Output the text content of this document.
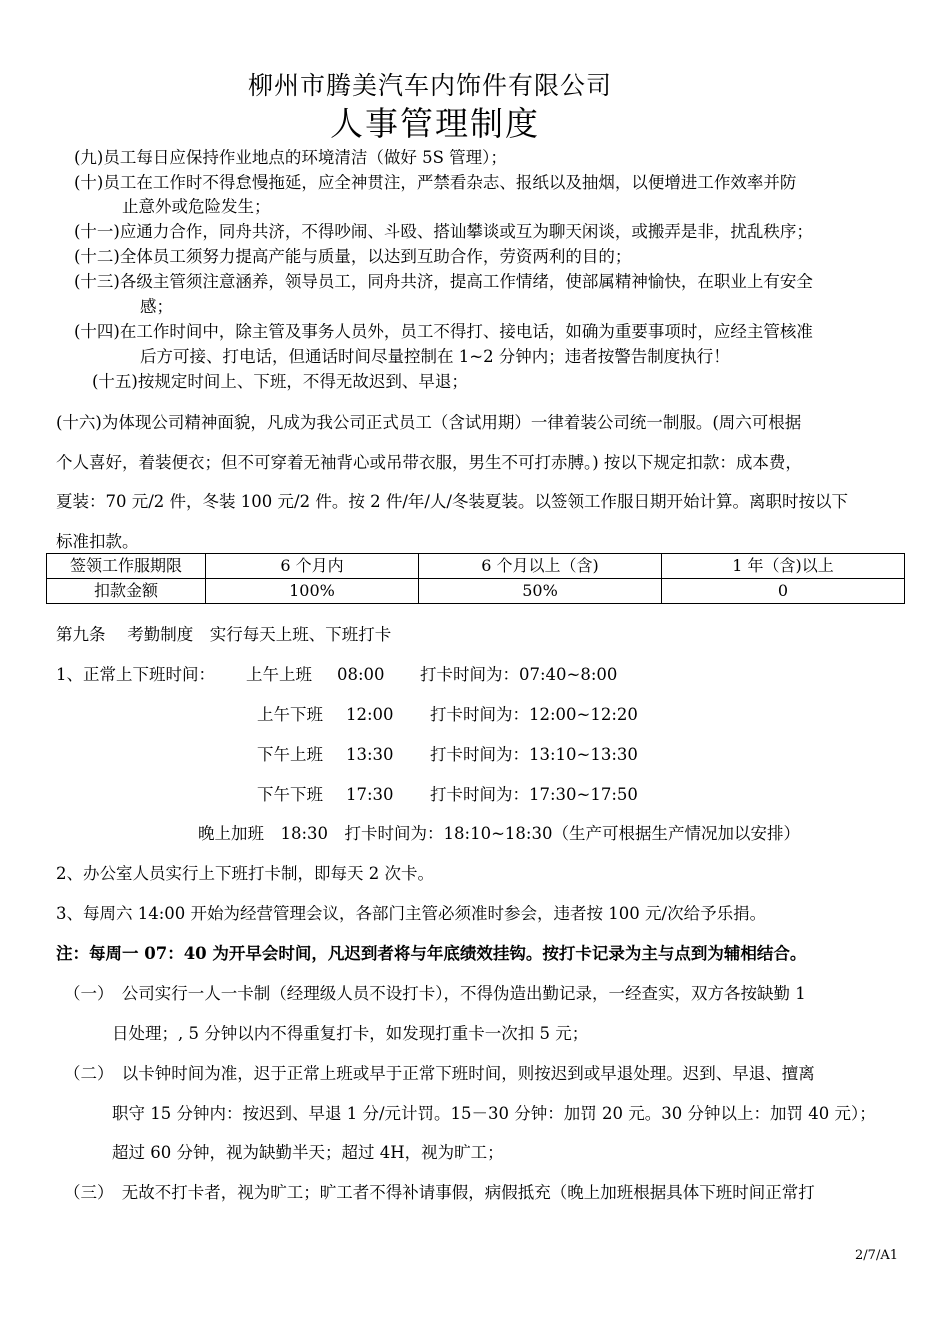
柳州市腾美汽车内饰件有限公司
人事管理制度
(九)员工每日应保持作业地点的环境清洁（做好 5S 管理）；
(十)员工在工作时不得怠慢拖延，应全神贯注，严禁看杂志、报纸以及抽烟，以便增进工作效率并防
止意外或危险发生；
(十一)应通力合作，同舟共济，不得吵闹、斗殴、搭讪攀谈或互为聊天闲谈，或搬弄是非，扰乱秩序；
(十二)全体员工须努力提高产能与质量，以达到互助合作，劳资两利的目的；
(十三)各级主管须注意涵养，领导员工，同舟共济，提高工作情绪，使部属精神愉快，在职业上有安全
感；
(十四)在工作时间中，除主管及事务人员外，员工不得打、接电话，如确为重要事项时，应经主管核准
后方可接、打电话，但通话时间尽量控制在 1~2 分钟内；违者按警告制度执行！
(十五)按规定时间上、下班，不得无故迟到、早退；
(十六)为体现公司精神面貌，凡成为我公司正式员工（含试用期）一律着装公司统一制服。(周六可根据
个人喜好，着装便衣；但不可穿着无袖背心或吊带衣服，男生不可打赤膊。) 按以下规定扣款：成本费，
夏装：70 元/2 件，冬装 100 元/2 件。按 2 件/年/人/冬装夏装。以签领工作服日期开始计算。离职时按以下
标准扣款。
签领工作服期限	6 个月内	6 个月以上（含)	1 年（含)以上
扣款金额	100%	50%	0
第九条　 考勤制度　实行每天上班、下班打卡
1、正常上下班时间： 上午上班 08:00 打卡时间为：07:40~8:00
上午下班 12:00 打卡时间为：12:00~12:20
下午上班 13:30 打卡时间为：13:10~13:30
下午下班 17:30 打卡时间为：17:30~17:50
晚上加班　18:30　打卡时间为：18:10~18:30（生产可根据生产情况加以安排）
2、办公室人员实行上下班打卡制，即每天 2 次卡。
3、每周六 14:00 开始为经营管理会议，各部门主管必须准时参会，违者按 100 元/次给予乐捐。
注：每周一 07：40 为开早会时间，凡迟到者将与年底绩效挂钩。按打卡记录为主与点到为辅相结合。
（一）　公司实行一人一卡制（经理级人员不设打卡），不得伪造出勤记录，一经查实，双方各按缺勤 1
日处理；, 5 分钟以内不得重复打卡，如发现打重卡一次扣 5 元；
（二）　以卡钟时间为准，迟于正常上班或早于正常下班时间，则按迟到或早退处理。迟到、早退、擅离
职守 15 分钟内：按迟到、早退 1 分/元计罚。15－30 分钟：加罚 20 元。30 分钟以上：加罚 40 元）；
超过 60 分钟，视为缺勤半天；超过 4H，视为旷工；
（三）　无故不打卡者，视为旷工；旷工者不得补请事假，病假抵充（晚上加班根据具体下班时间正常打
2/7/A1
